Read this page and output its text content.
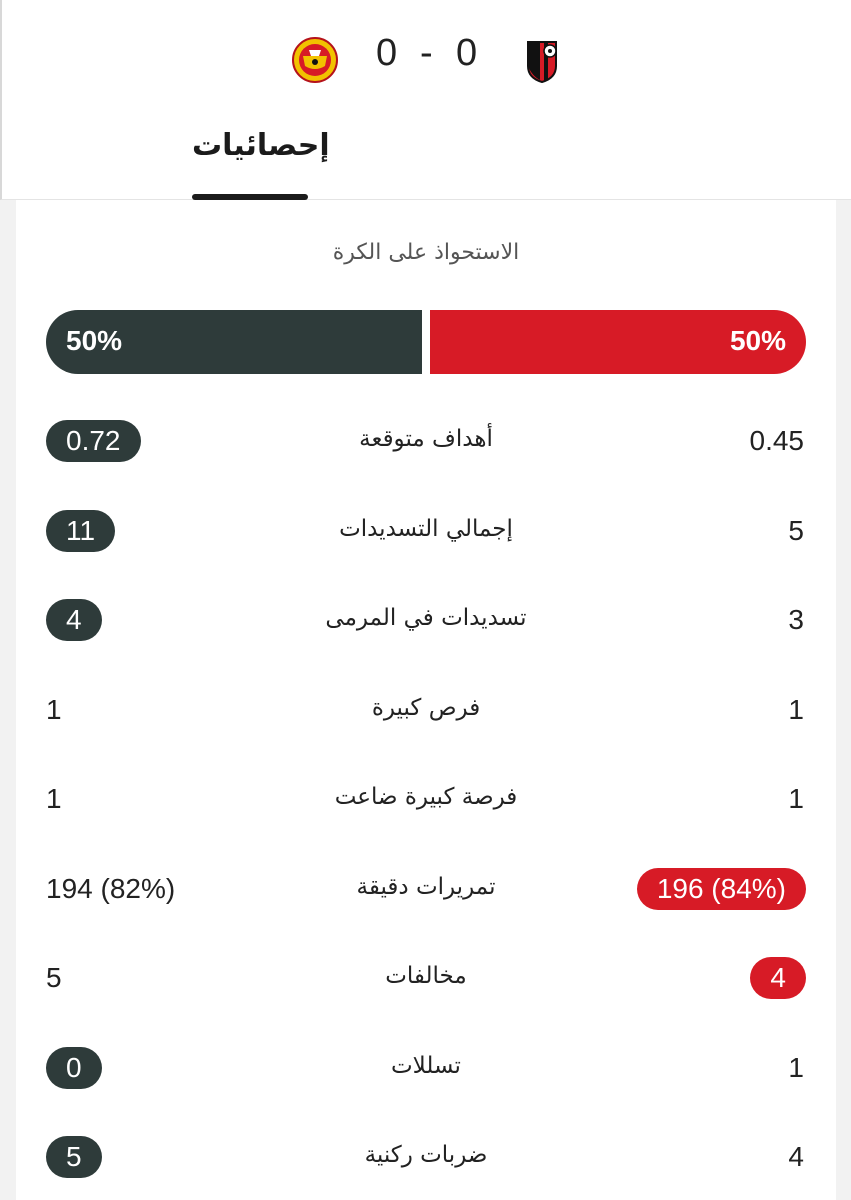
0
-
0
إحصائيات
الاستحواذ على الكرة
50%
50%
0.45
أهداف متوقعة
0.72
5
إجمالي التسديدات
11
3
تسديدات في المرمى
4
1
فرص كبيرة
1
1
فرصة كبيرة ضاعت
1
196 (84%)
تمريرات دقيقة
194 (82%)
4
مخالفات
5
1
تسللات
0
4
ضربات ركنية
5
